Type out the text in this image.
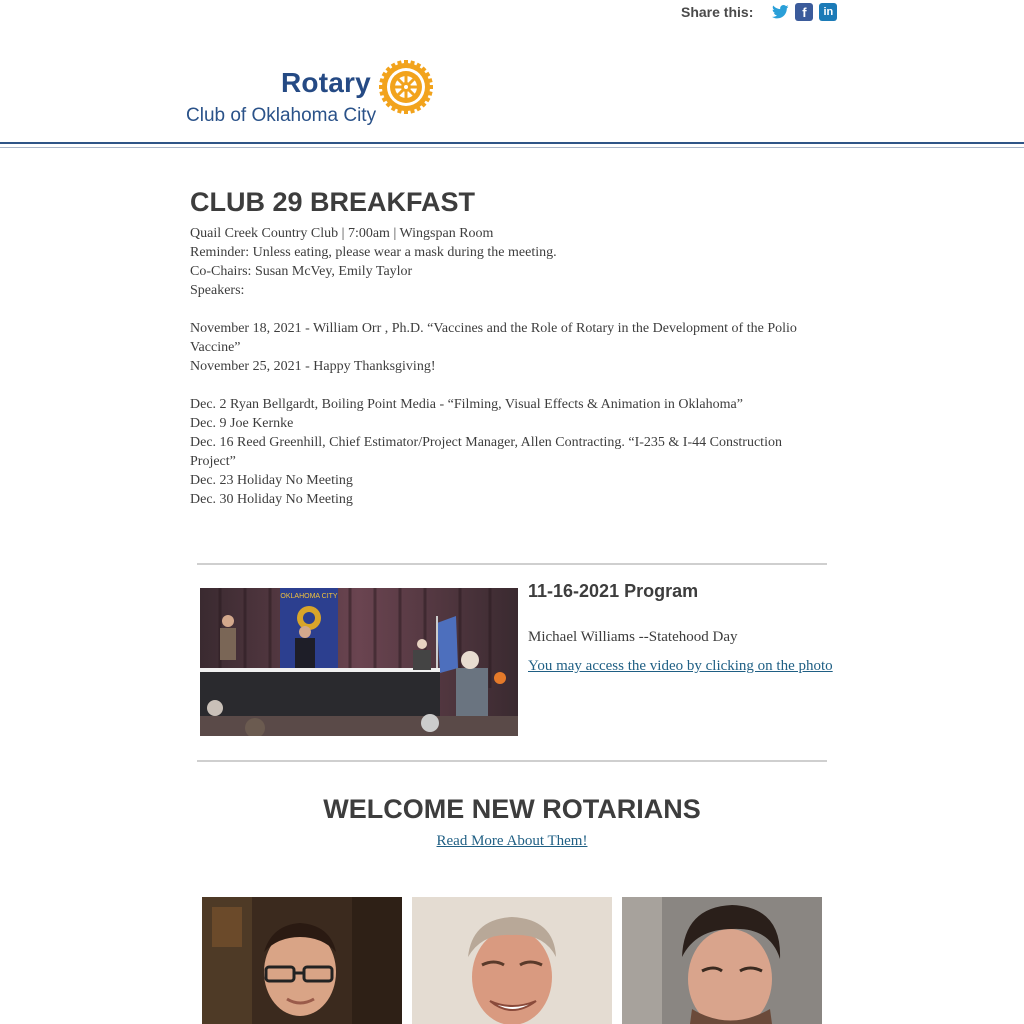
Share this:	f	in
Rotary
Club of Oklahoma City
CLUB 29 BREAKFAST
Quail Creek Country Club | 7:00am | Wingspan Room
Reminder: Unless eating, please wear a mask during the meeting.
Co-Chairs: Susan McVey, Emily Taylor
Speakers:
November 18, 2021 - William Orr , Ph.D. “Vaccines and the Role of Rotary in the Development of the Polio
Vaccine”
November 25, 2021 - Happy Thanksgiving!
Dec. 2 Ryan Bellgardt, Boiling Point Media - “Filming, Visual Effects & Animation in Oklahoma”
Dec. 9 Joe Kernke
Dec. 16 Reed Greenhill, Chief Estimator/Project Manager, Allen Contracting. “I-235 & I-44 Construction
Project”
Dec. 23 Holiday No Meeting
Dec. 30 Holiday No Meeting
OKLAHOMA CITY	11-16-2021 Program
Michael Williams --Statehood Day
You may access the video by clicking on the photo
WELCOME NEW ROTARIANS
Read More About Them!
